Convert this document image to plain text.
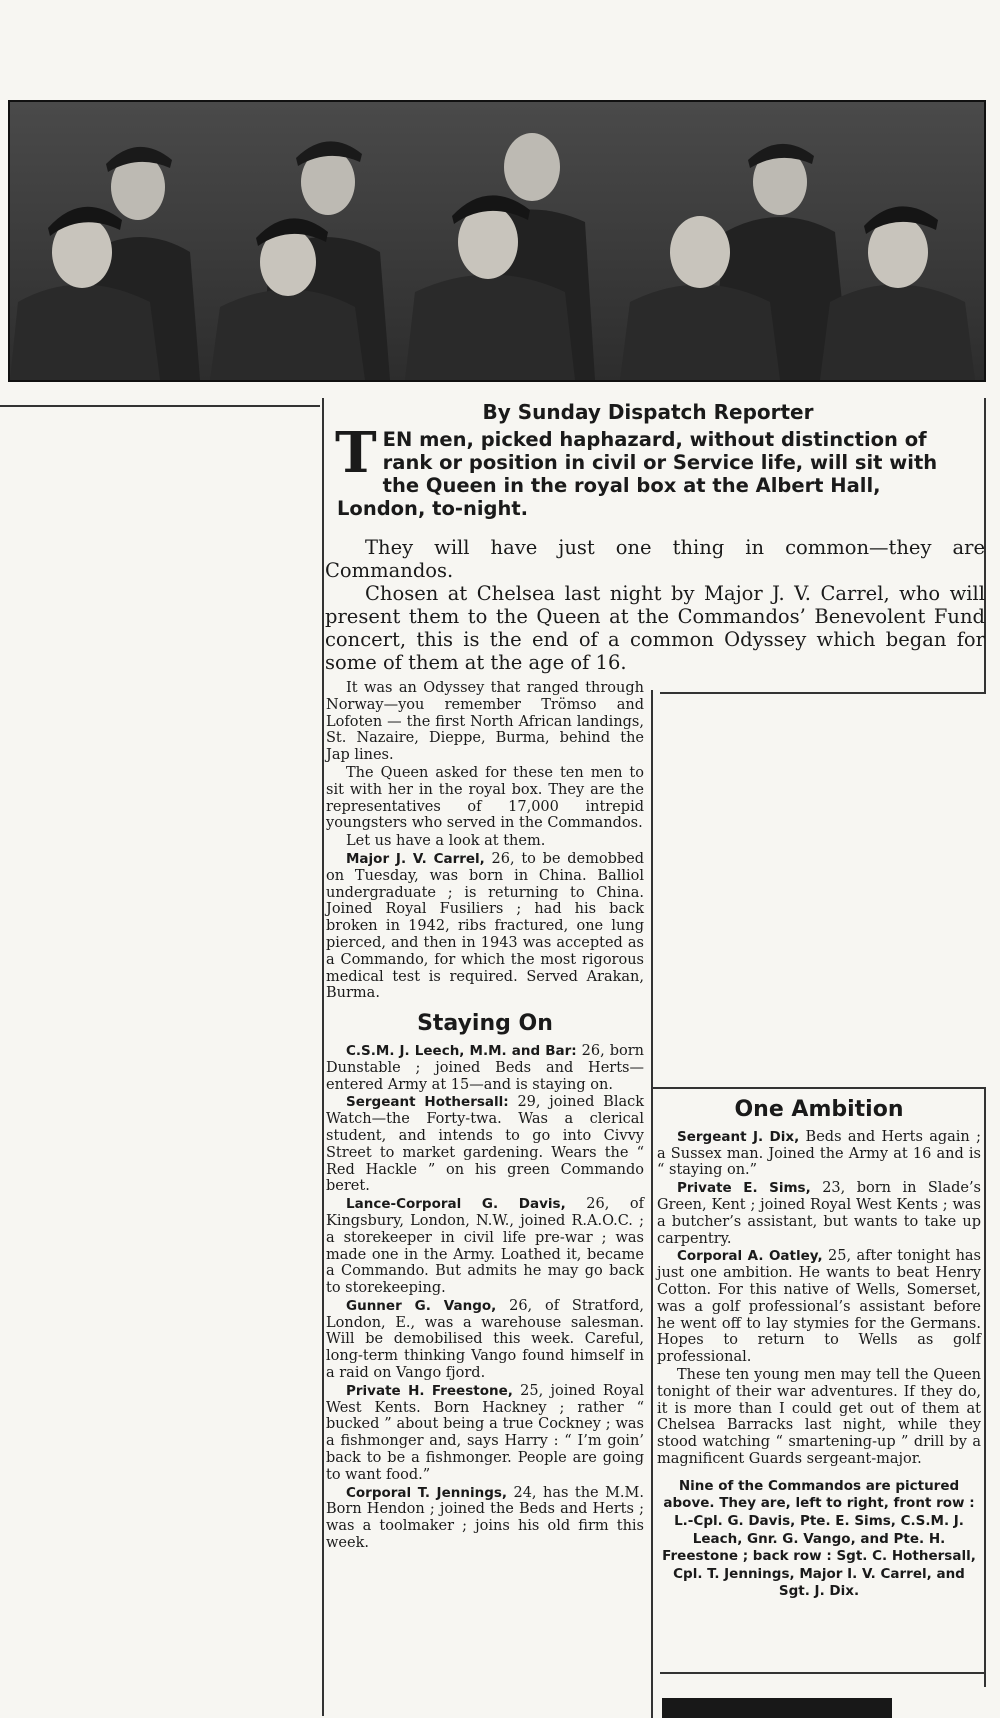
By Sunday Dispatch Reporter

TEN men, picked haphazard, without distinction of rank or position in civil or Service life, will sit with the Queen in the royal box at the Albert Hall, London, to-night.

They will have just one thing in common—they are Commandos.

Chosen at Chelsea last night by Major J. V. Carrel, who will present them to the Queen at the Commandos’ Benevolent Fund concert, this is the end of a common Odyssey which began for some of them at the age of 16.

It was an Odyssey that ranged through Norway—you remember Trömso and Lofoten — the first North African landings, St. Nazaire, Dieppe, Burma, behind the Jap lines.

The Queen asked for these ten men to sit with her in the royal box. They are the representatives of 17,000 intrepid youngsters who served in the Commandos.

Let us have a look at them.

Major J. V. Carrel, 26, to be demobbed on Tuesday, was born in China. Balliol undergraduate ; is returning to China. Joined Royal Fusiliers ; had his back broken in 1942, ribs fractured, one lung pierced, and then in 1943 was accepted as a Commando, for which the most rigorous medical test is required. Served Arakan, Burma.

Staying On

C.S.M. J. Leech, M.M. and Bar: 26, born Dunstable ; joined Beds and Herts—entered Army at 15—and is staying on.

Sergeant Hothersall: 29, joined Black Watch—the Forty-twa. Was a clerical student, and intends to go into Civvy Street to market gardening. Wears the “ Red Hackle ” on his green Commando beret.

Lance-Corporal G. Davis, 26, of Kingsbury, London, N.W., joined R.A.O.C. ; a storekeeper in civil life pre-war ; was made one in the Army. Loathed it, became a Commando. But admits he may go back to storekeeping.

Gunner G. Vango, 26, of Stratford, London, E., was a warehouse salesman. Will be demobilised this week. Careful, long-term thinking Vango found himself in a raid on Vango fjord.

Private H. Freestone, 25, joined Royal West Kents. Born Hackney ; rather “ bucked ” about being a true Cockney ; was a fishmonger and, says Harry : “ I’m goin’ back to be a fishmonger. People are going to want food.”

Corporal T. Jennings, 24, has the M.M. Born Hendon ; joined the Beds and Herts ; was a toolmaker ; joins his old firm this week.

One Ambition

Sergeant J. Dix, Beds and Herts again ; a Sussex man. Joined the Army at 16 and is “ staying on.”

Private E. Sims, 23, born in Slade’s Green, Kent ; joined Royal West Kents ; was a butcher’s assistant, but wants to take up carpentry.

Corporal A. Oatley, 25, after tonight has just one ambition. He wants to beat Henry Cotton. For this native of Wells, Somerset, was a golf professional’s assistant before he went off to lay stymies for the Germans. Hopes to return to Wells as golf professional.

These ten young men may tell the Queen tonight of their war adventures. If they do, it is more than I could get out of them at Chelsea Barracks last night, while they stood watching “ smartening-up ” drill by a magnificent Guards sergeant-major.

Nine of the Commandos are pictured above. They are, left to right, front row : L.-Cpl. G. Davis, Pte. E. Sims, C.S.M. J. Leach, Gnr. G. Vango, and Pte. H. Freestone ; back row : Sgt. C. Hothersall, Cpl. T. Jennings, Major I. V. Carrel, and Sgt. J. Dix.
